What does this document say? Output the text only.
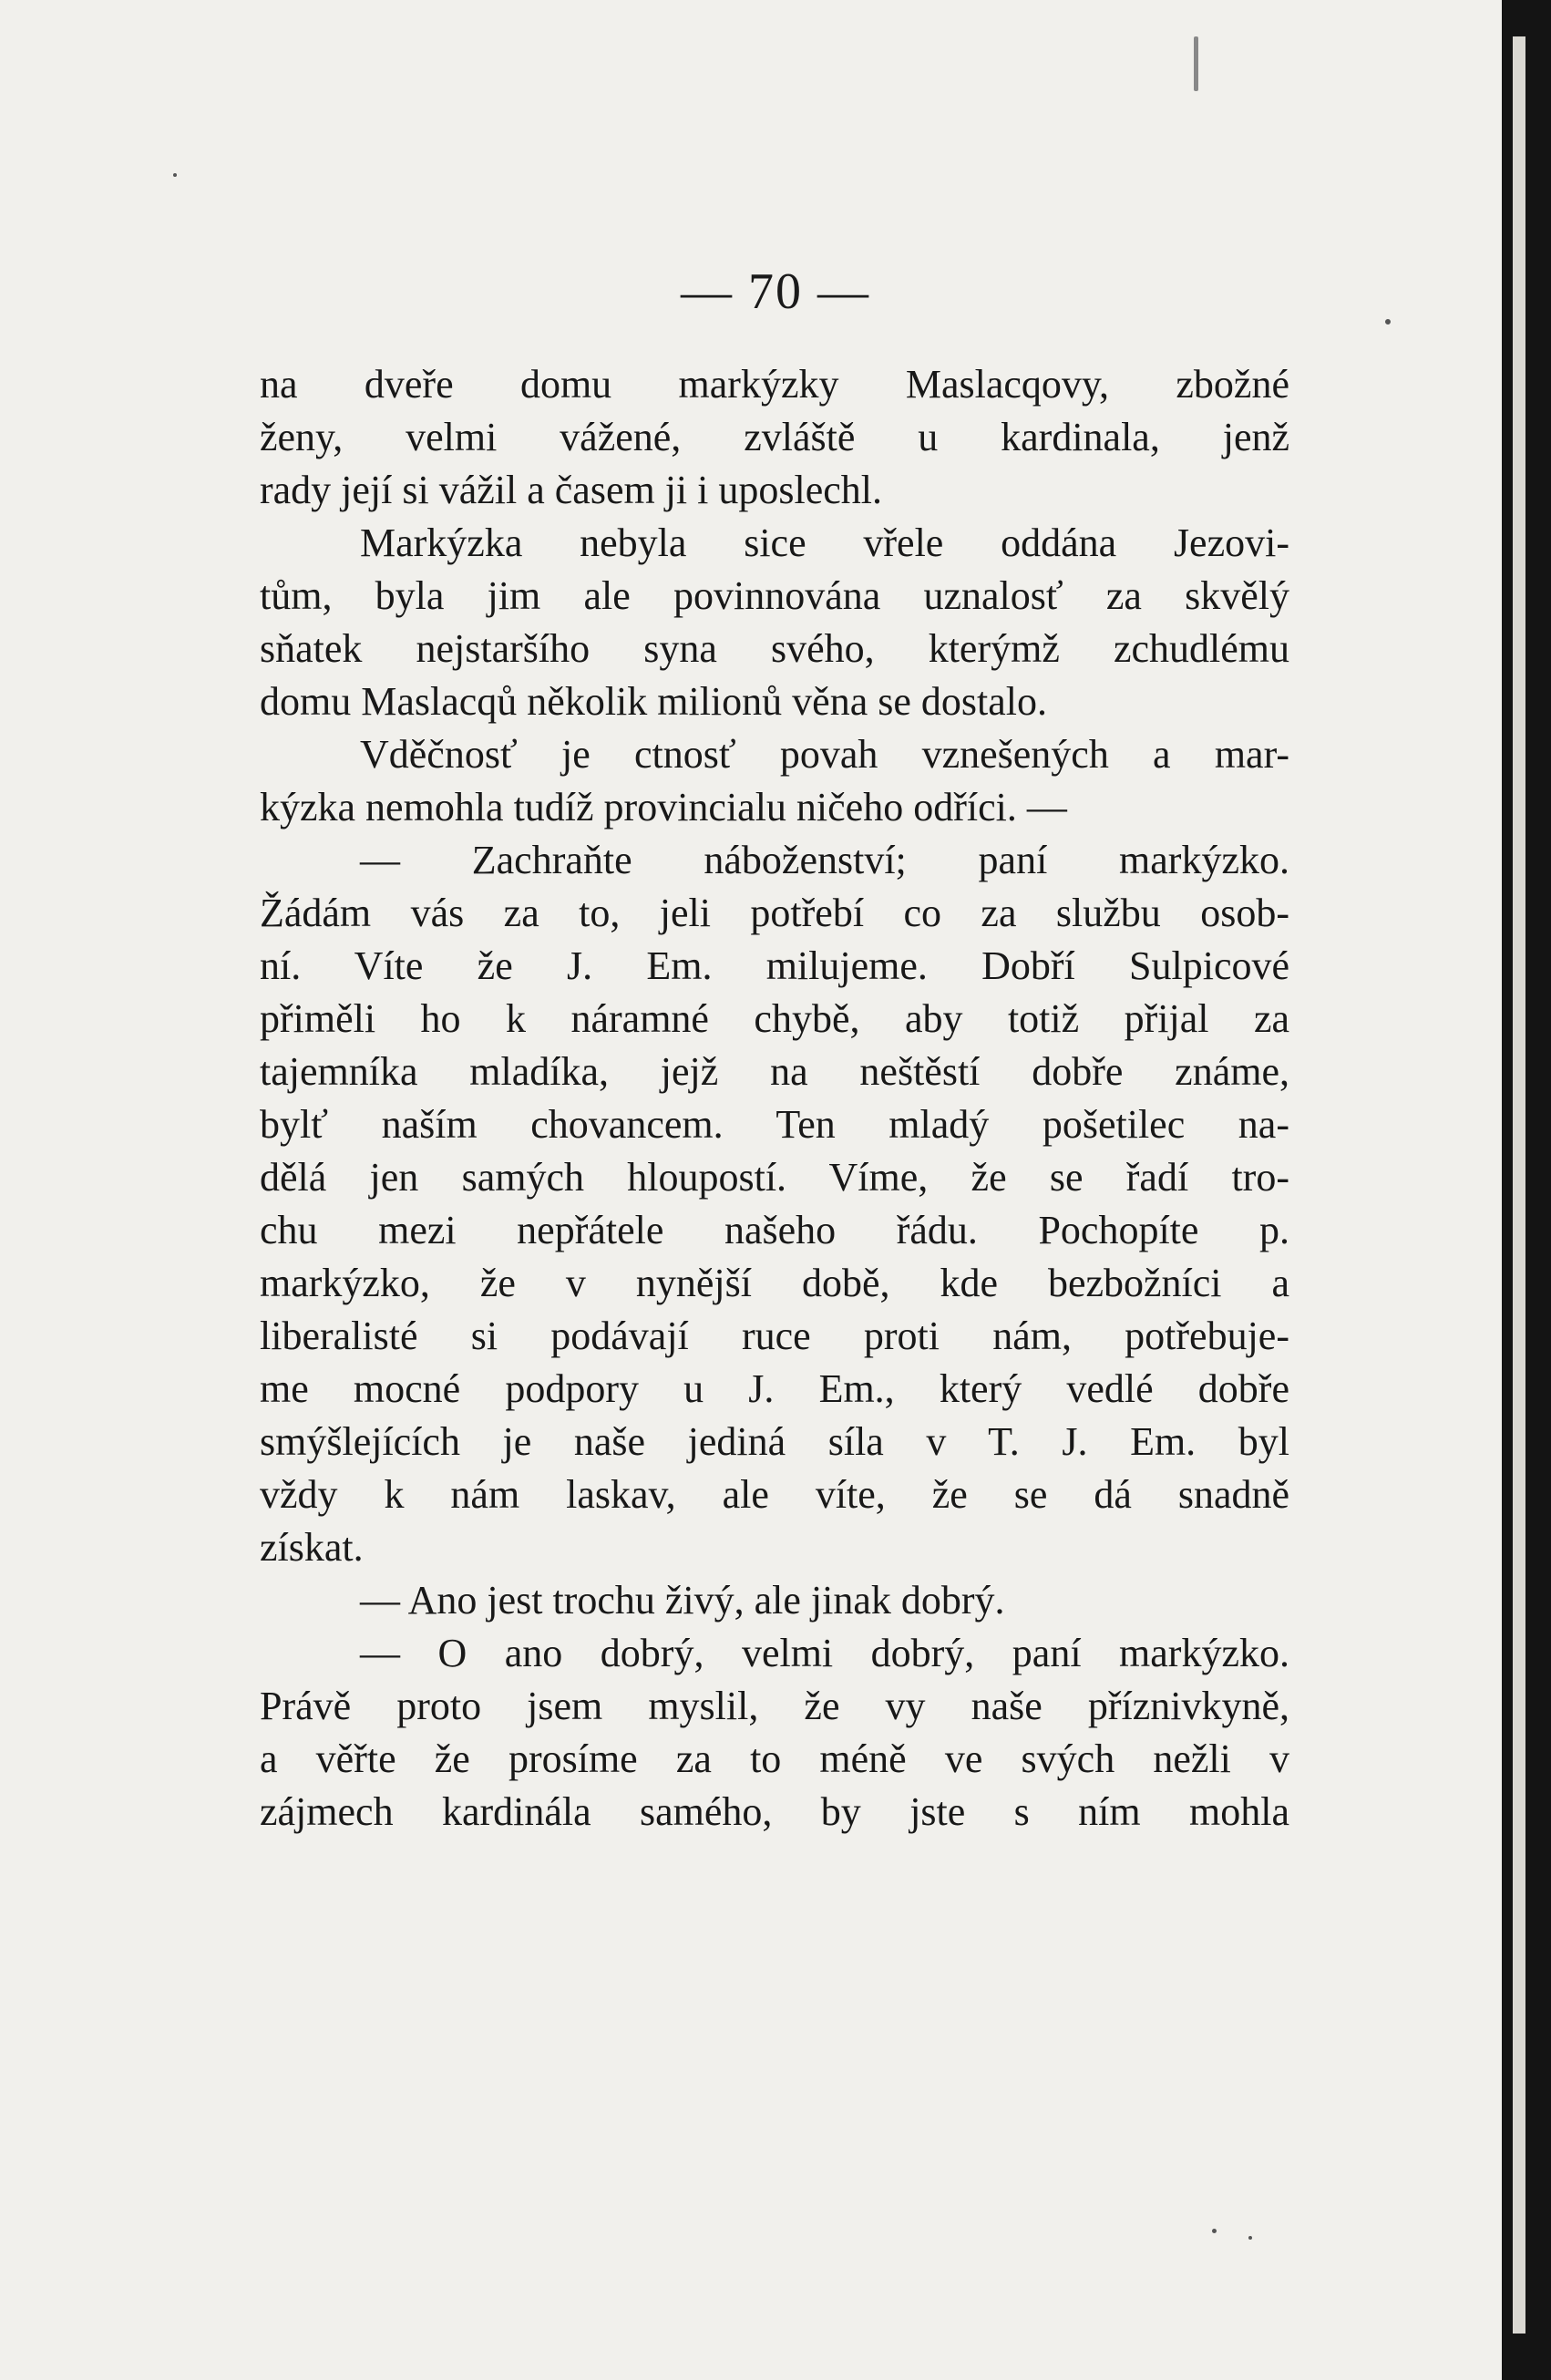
— 70 —

na dveře domu markýzky Maslacqovy, zbožné
ženy, velmi vážené, zvláště u kardinala, jenž
rady její si vážil a časem ji i uposlechl.
Markýzka nebyla sice vřele oddána Jezovi-
tům, byla jim ale povinnována uznalosť za skvělý
sňatek nejstaršího syna svého, kterýmž zchudlému
domu Maslacqů několik milionů věna se dostalo.
Vděčnosť je ctnosť povah vznešených a mar-
kýzka nemohla tudíž provincialu ničeho odříci. —
— Zachraňte náboženství; paní markýzko.
Žádám vás za to, jeli potřebí co za službu osob-
ní. Víte že J. Em. milujeme. Dobří Sulpicové
přiměli ho k náramné chybě, aby totiž přijal za
tajemníka mladíka, jejž na neštěstí dobře známe,
bylť naším chovancem. Ten mladý pošetilec na-
dělá jen samých hloupostí. Víme, že se řadí tro-
chu mezi nepřátele našeho řádu. Pochopíte p.
markýzko, že v nynější době, kde bezbožníci a
liberalisté si podávají ruce proti nám, potřebuje-
me mocné podpory u J. Em., který vedlé dobře
smýšlejících je naše jediná síla v T. J. Em. byl
vždy k nám laskav, ale víte, že se dá snadně
získat.
— Ano jest trochu živý, ale jinak dobrý.
— O ano dobrý, velmi dobrý, paní markýzko.
Právě proto jsem myslil, že vy naše příznivkyně,
a věřte že prosíme za to méně ve svých nežli v
zájmech kardinála samého, by jste s ním mohla
